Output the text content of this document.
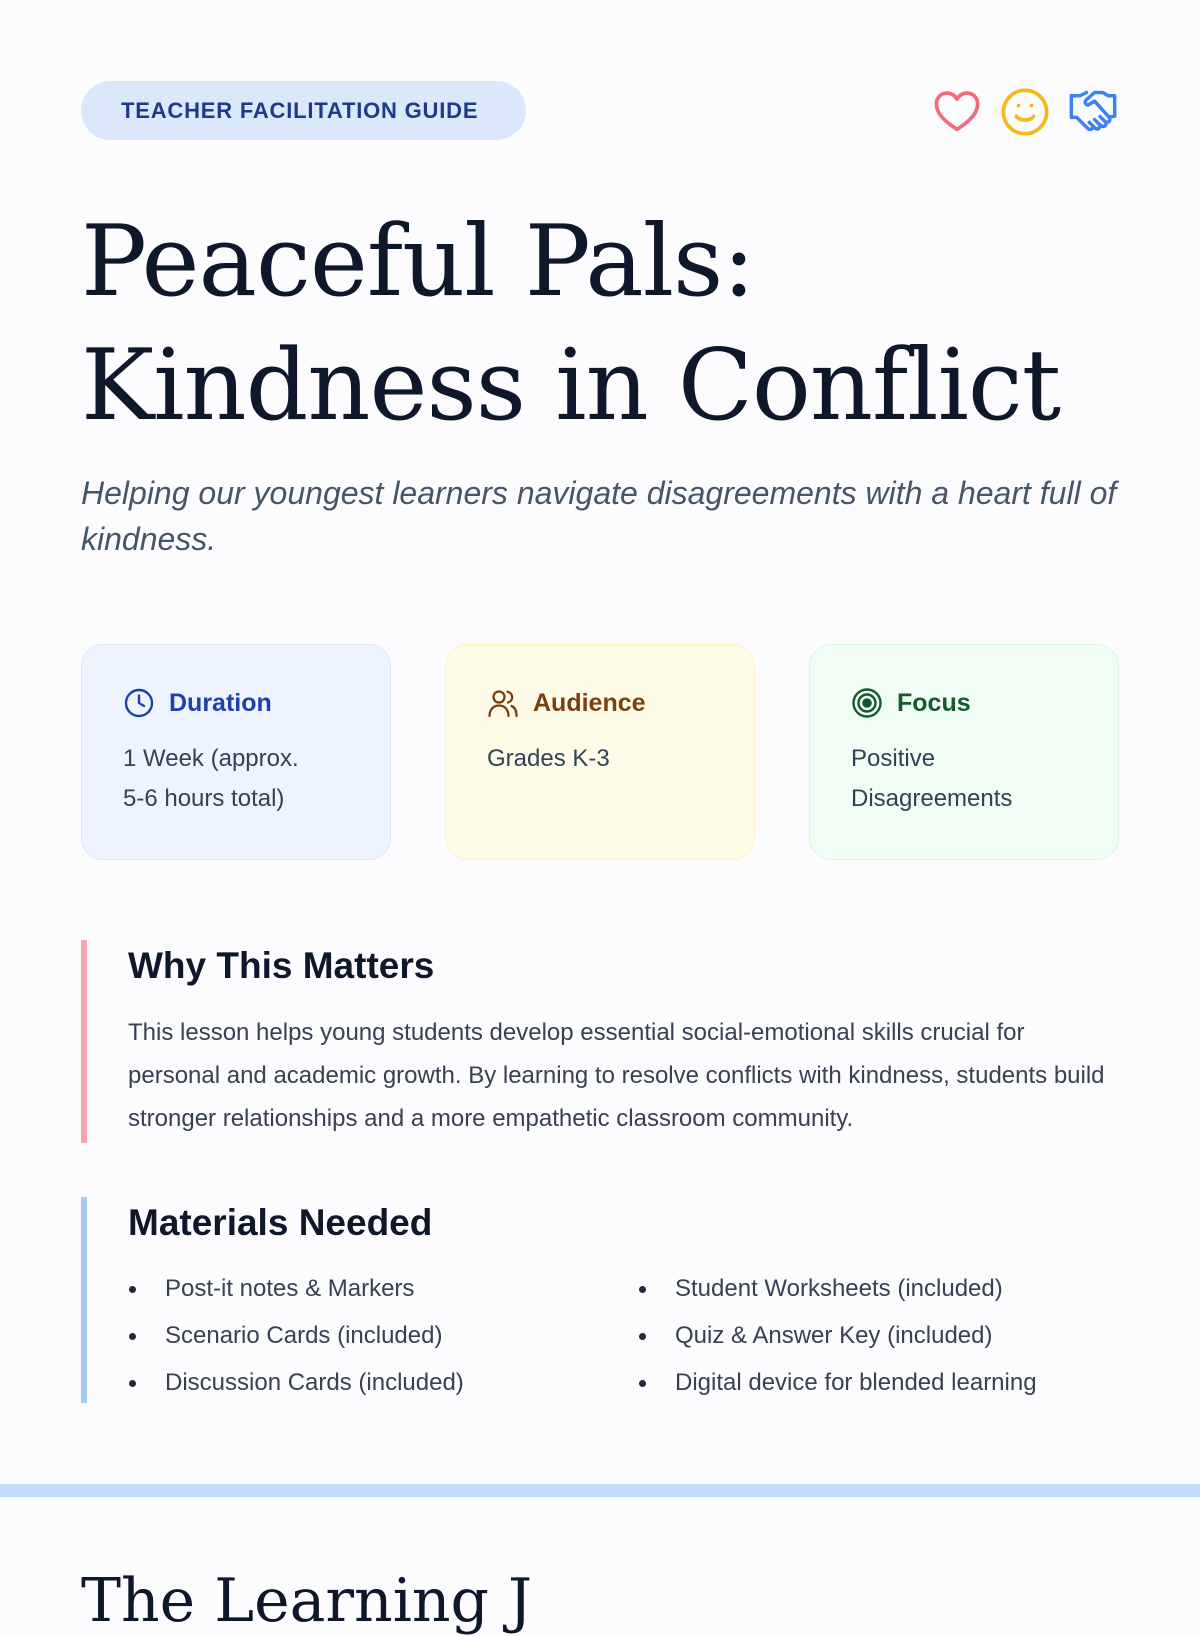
TEACHER FACILITATION GUIDE
Peaceful Pals:
Kindness in Conflict

Helping our youngest learners navigate disagreements with a heart full of kindness.

Duration
1 Week (approx.
5-6 hours total)
Audience
Grades K-3
Focus
Positive
Disagreements
Why This Matters

This lesson helps young students develop essential social-emotional skills crucial for personal and academic growth. By learning to resolve conflicts with kindness, students build stronger relationships and a more empathetic classroom community.

Materials Needed
Post-it notes & Markers	Student Worksheets (included)
Scenario Cards (included)	Quiz & Answer Key (included)
Discussion Cards (included)	Digital device for blended learning
The Learning J
